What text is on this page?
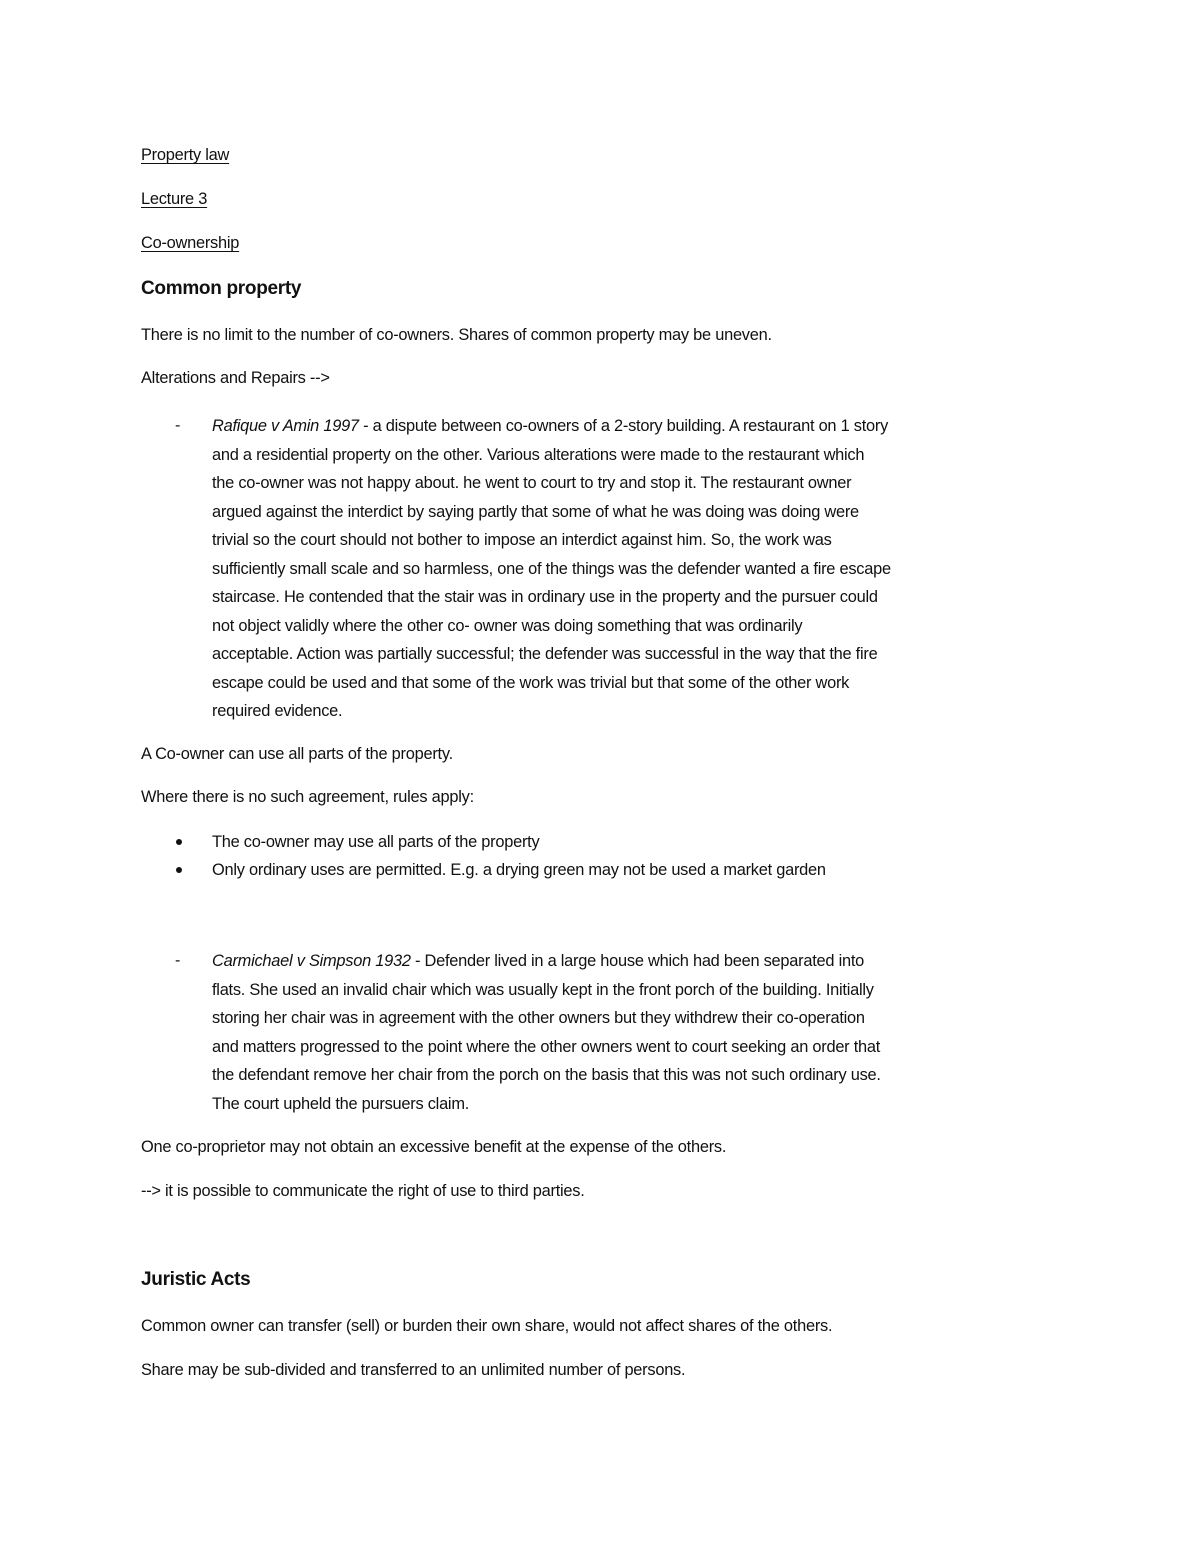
Property law
Lecture 3
Co-ownership
Common property
There is no limit to the number of co-owners. Shares of common property may be uneven.
Alterations and Repairs -->
- Rafique v Amin 1997 - a dispute between co-owners of a 2-story building. A restaurant on 1 story
and a residential property on the other. Various alterations were made to the restaurant which
the co-owner was not happy about. he went to court to try and stop it. The restaurant owner
argued against the interdict by saying partly that some of what he was doing was doing were
trivial so the court should not bother to impose an interdict against him. So, the work was
sufficiently small scale and so harmless, one of the things was the defender wanted a fire escape
staircase. He contended that the stair was in ordinary use in the property and the pursuer could
not object validly where the other co- owner was doing something that was ordinarily
acceptable. Action was partially successful; the defender was successful in the way that the fire
escape could be used and that some of the work was trivial but that some of the other work
required evidence.
A Co-owner can use all parts of the property.
Where there is no such agreement, rules apply:
The co-owner may use all parts of the property
Only ordinary uses are permitted. E.g. a drying green may not be used a market garden
- Carmichael v Simpson 1932 - Defender lived in a large house which had been separated into
flats. She used an invalid chair which was usually kept in the front porch of the building. Initially
storing her chair was in agreement with the other owners but they withdrew their co-operation
and matters progressed to the point where the other owners went to court seeking an order that
the defendant remove her chair from the porch on the basis that this was not such ordinary use.
The court upheld the pursuers claim.
One co-proprietor may not obtain an excessive benefit at the expense of the others.
--> it is possible to communicate the right of use to third parties.
Juristic Acts
Common owner can transfer (sell) or burden their own share, would not affect shares of the others.
Share may be sub-divided and transferred to an unlimited number of persons.
